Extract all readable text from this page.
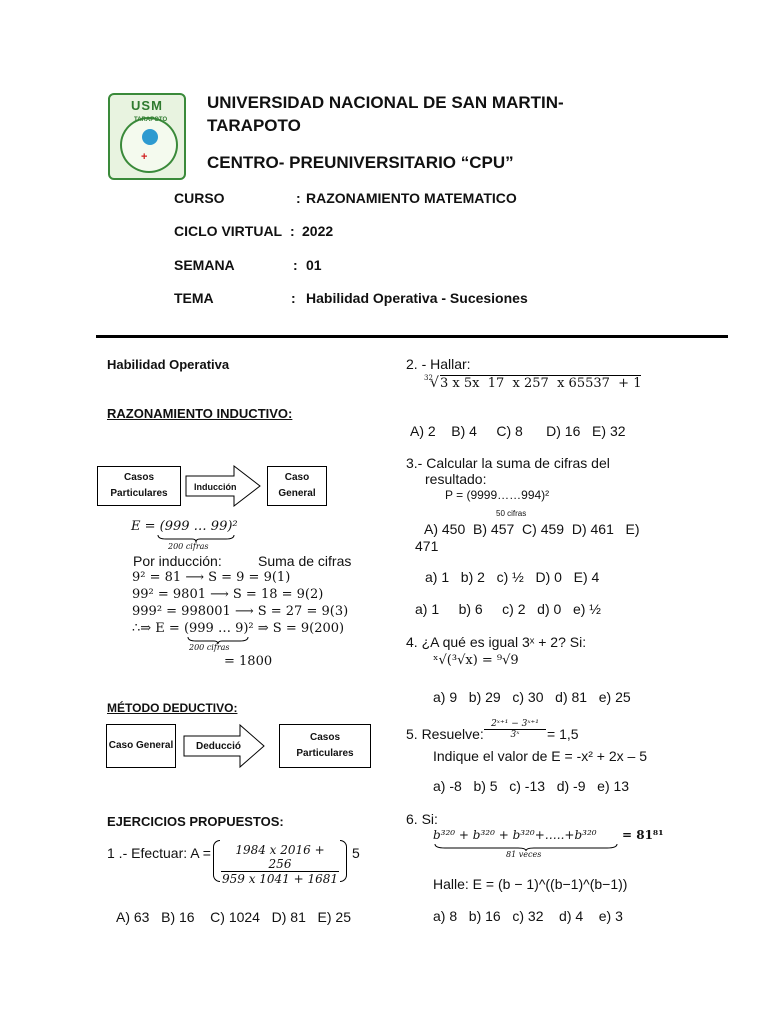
USM
TARAPOTO
+
UNIVERSIDAD NACIONAL DE SAN MARTIN-
TARAPOTO
CENTRO- PREUNIVERSITARIO “CPU”
CURSO	: RAZONAMIENTO MATEMATICO
CICLO VIRTUAL : 2022
SEMANA	: 01
TEMA	: Habilidad Operativa - Sucesiones
Habilidad Operativa
RAZONAMIENTO INDUCTIVO:
Casos Particulares
Inducción
Caso General
E = (999 … 99)²
200 cifras
Por inducción:	Suma de cifras
9² = 81 ⟶ S = 9 = 9(1)
99² = 9801 ⟶ S = 18 = 9(2)
999² = 998001 ⟶ S = 27 = 9(3)
∴⇒ E = (999 … 9)² ⇒ S = 9(200)
200 cifras
= 1800
MÉTODO DEDUCTIVO:
Caso General Deducció
Casos Particulares
EJERCICIOS PROPUESTOS:
1 .- Efectuar: $A = \frac{1984 x 2016 + 256}{959 x 1041 + 1681} 5$
A) 63   B) 16    C) 1024   D) 81   E) 25
2. - Hallar:
32
√ 3 x 5x  17  x 257  x 65537  + 1
A) 2    B) 4     C) 8      D) 16   E) 32
3.- Calcular la suma de cifras del
resultado:
P = (9999……994)²
50 cifras
A) 450  B) 457  C) 459  D) 461   E)
471
a) 1   b) 2   c) ½   D) 0   E) 4
a) 1     b) 6     c) 2   d) 0   e) ½
4. ¿A qué es igual 3ˣ + 2? Si:
ˣ√(³√x) = ⁹√9
a) 9   b) 29   c) 30   d) 81   e) 25
5. Resuelve: $\frac{\text{2ˣ⁺¹ − 3ˣ⁺¹}}{\text{3ˣ}} = 1,5$
Indique el valor de E = -x² + 2x – 5
a) -8   b) 5   c) -13   d) -9   e) 13
6. Si:
b³²⁰ + b³²⁰ + b³²⁰+…..+b³²⁰ = 81⁸¹
81 veces
Halle: E = (b − 1)^((b−1)^(b−1))
a) 8   b) 16   c) 32    d) 4    e) 3
